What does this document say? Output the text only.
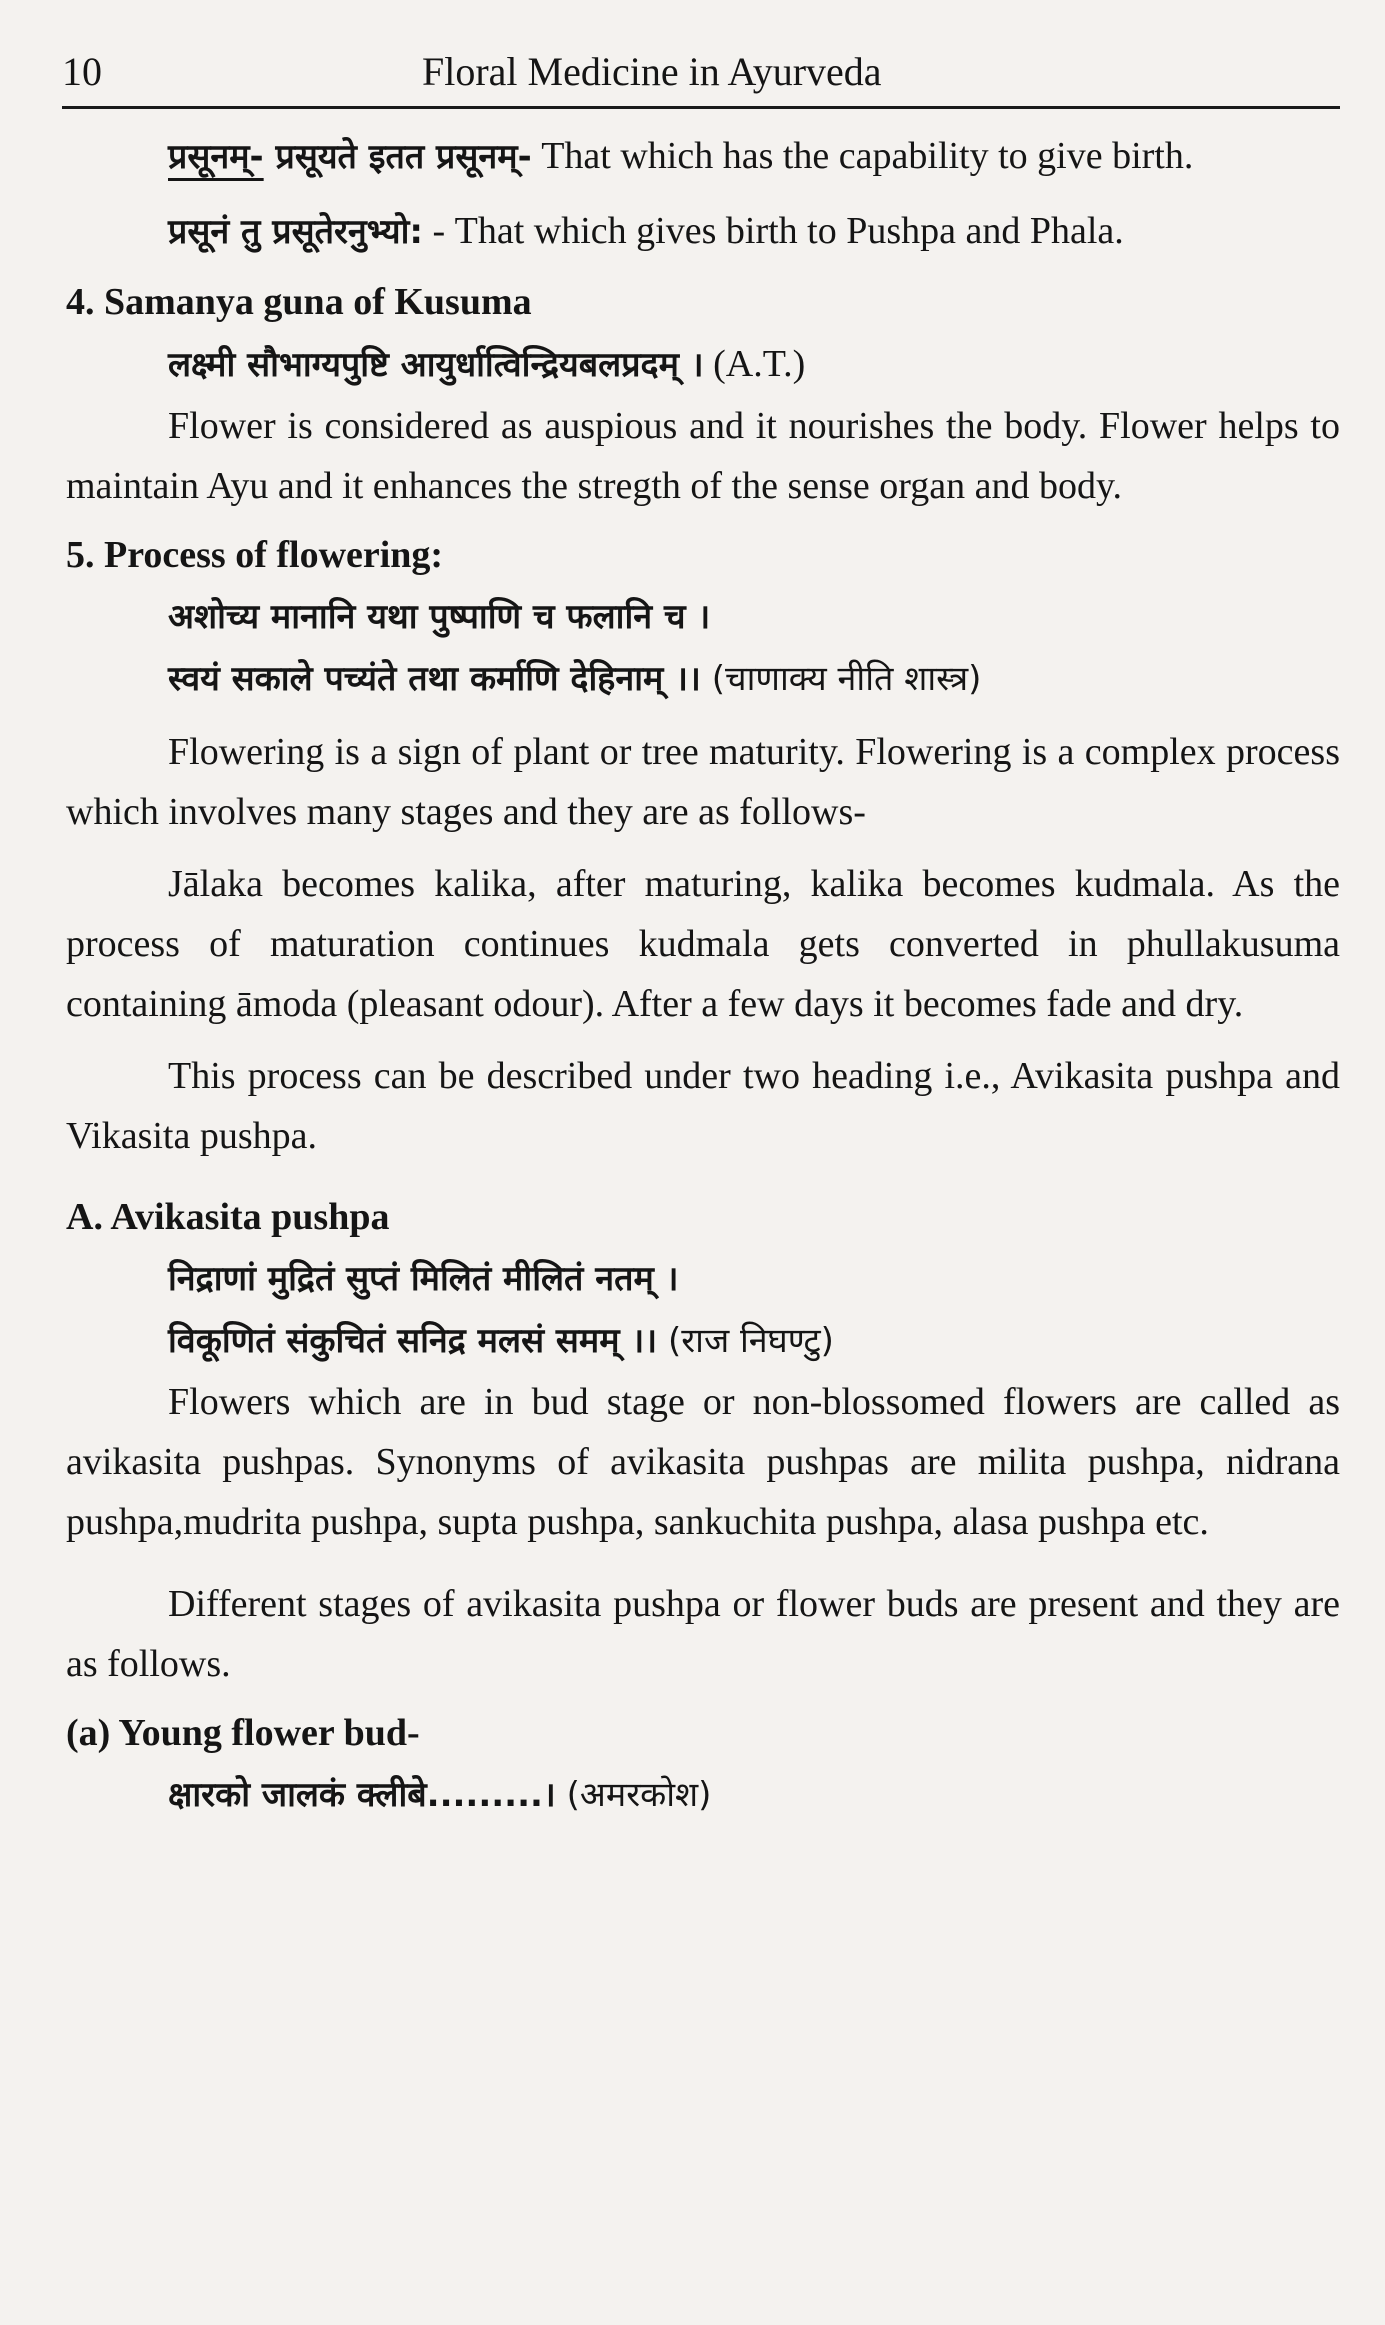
10	Floral Medicine in Ayurveda

प्रसूनम्- प्रसूयते इतत प्रसूनम्- That which has the capability to give birth.

प्रसूनं तु प्रसूतेरनुभ्यो: - That which gives birth to Pushpa and Phala.

4. Samanya guna of Kusuma

लक्ष्मी सौभाग्यपुष्टि आयुर्धात्विन्द्रियबलप्रदम् । (A.T.)

Flower is considered as auspious and it nourishes the body. Flower helps to maintain Ayu and it enhances the stregth of the sense organ and body.

5. Process of flowering:

अशोच्य मानानि यथा पुष्पाणि च फलानि च ।

स्वयं सकाले पच्यंते तथा कर्माणि देहिनाम् ।। (चाणाक्य नीति शास्त्र)

Flowering is a sign of plant or tree maturity. Flowering is a complex process which involves many stages and they are as follows-

Jālaka becomes kalika, after maturing, kalika becomes kudmala. As the process of maturation continues kudmala gets converted in phullakusuma containing āmoda (pleasant odour). After a few days it becomes fade and dry.

This process can be described under two heading i.e., Avikasita pushpa and Vikasita pushpa.

A. Avikasita pushpa

निद्राणां मुद्रितं सुप्तं मिलितं मीलितं नतम् ।

विकूणितं संकुचितं सनिद्र मलसं समम् ।। (राज निघण्टु)

Flowers which are in bud stage or non-blossomed flowers are called as avikasita pushpas. Synonyms of avikasita pushpas are milita pushpa, nidrana pushpa,mudrita pushpa, supta pushpa, sankuchita pushpa, alasa pushpa etc.

Different stages of avikasita pushpa or flower buds are present and they are as follows.

(a) Young flower bud-

क्षारको जालकं क्लीबे.........। (अमरकोश)
